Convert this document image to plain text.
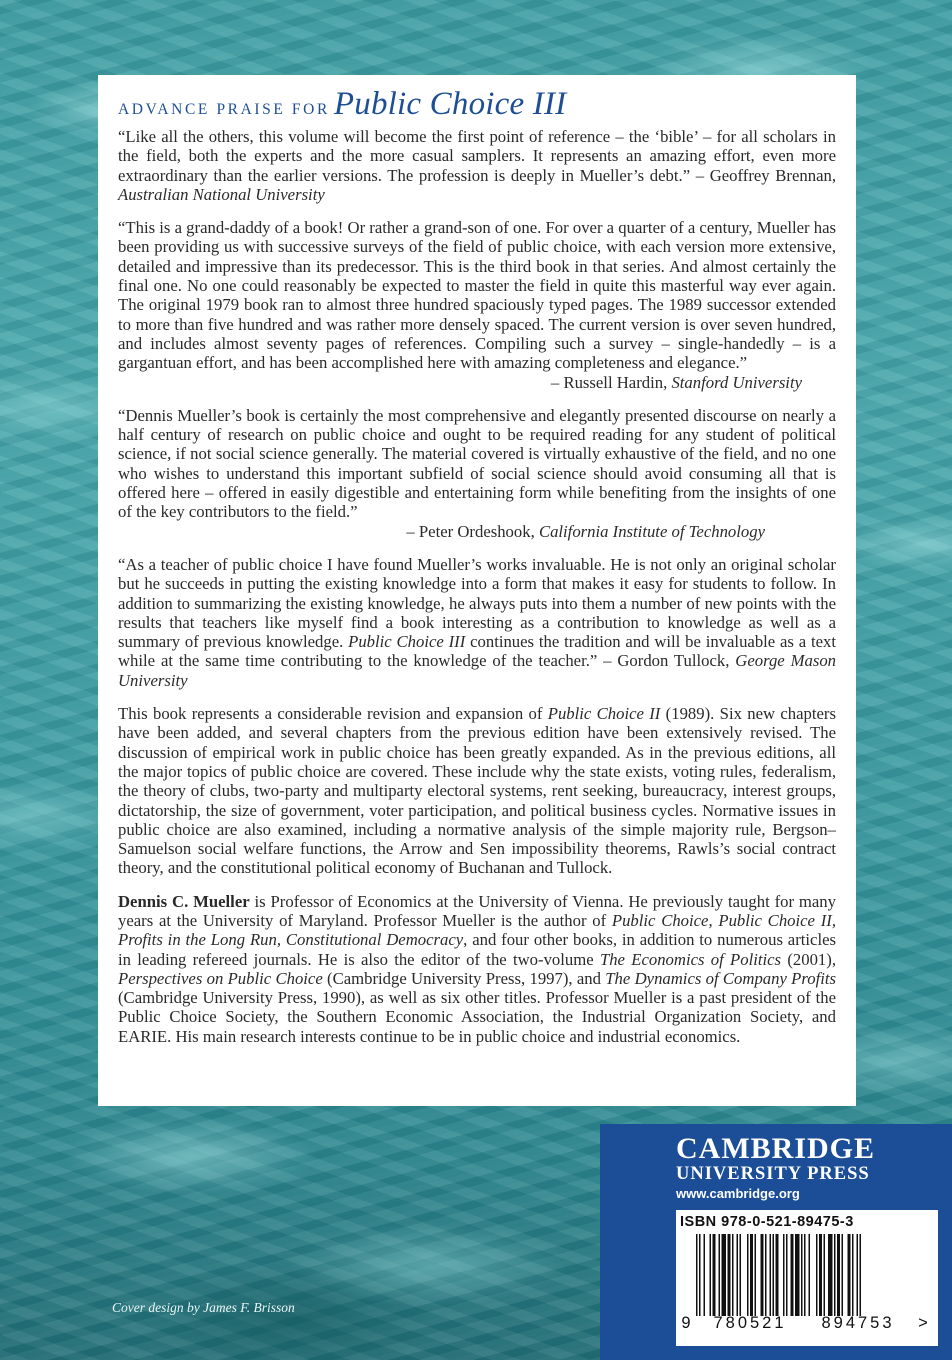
ADVANCE PRAISE FOR Public Choice III

“Like all the others, this volume will become the first point of reference – the ‘bible’ – for all scholars in the field, both the experts and the more casual samplers. It represents an amazing effort, even more extraordinary than the earlier versions. The profession is deeply in Mueller’s debt.” – Geoffrey Brennan, Australian National University

“This is a grand-daddy of a book! Or rather a grand-son of one. For over a quarter of a century, Mueller has been providing us with successive surveys of the field of public choice, with each version more extensive, detailed and impressive than its predecessor. This is the third book in that series. And almost certainly the final one. No one could reasonably be expected to master the field in quite this masterful way ever again. The original 1979 book ran to almost three hundred spaciously typed pages. The 1989 successor extended to more than five hundred and was rather more densely spaced. The current version is over seven hundred, and includes almost seventy pages of references. Compiling such a survey – single-handedly – is a gargantuan effort, and has been accomplished here with amazing completeness and elegance.”
– Russell Hardin, Stanford University

“Dennis Mueller’s book is certainly the most comprehensive and elegantly presented discourse on nearly a half century of research on public choice and ought to be required reading for any student of political science, if not social science generally. The material covered is virtually exhaustive of the field, and no one who wishes to understand this important subfield of social science should avoid consuming all that is offered here – offered in easily digestible and entertaining form while benefiting from the insights of one of the key contributors to the field.”
– Peter Ordeshook, California Institute of Technology

“As a teacher of public choice I have found Mueller’s works invaluable. He is not only an original scholar but he succeeds in putting the existing knowledge into a form that makes it easy for students to follow. In addition to summarizing the existing knowledge, he always puts into them a number of new points with the results that teachers like myself find a book interesting as a contribution to knowledge as well as a summary of previous knowledge. Public Choice III continues the tradition and will be invaluable as a text while at the same time contributing to the knowledge of the teacher.” – Gordon Tullock, George Mason University

This book represents a considerable revision and expansion of Public Choice II (1989). Six new chapters have been added, and several chapters from the previous edition have been extensively revised. The discussion of empirical work in public choice has been greatly expanded. As in the previous editions, all the major topics of public choice are covered. These include why the state exists, voting rules, federalism, the theory of clubs, two-party and multiparty electoral systems, rent seeking, bureaucracy, interest groups, dictatorship, the size of government, voter participation, and political business cycles. Normative issues in public choice are also examined, including a normative analysis of the simple majority rule, Bergson–Samuelson social welfare functions, the Arrow and Sen impossibility theorems, Rawls’s social contract theory, and the constitutional political economy of Buchanan and Tullock.

Dennis C. Mueller is Professor of Economics at the University of Vienna. He previously taught for many years at the University of Maryland. Professor Mueller is the author of Public Choice, Public Choice II, Profits in the Long Run, Constitutional Democracy, and four other books, in addition to numerous articles in leading refereed journals. He is also the editor of the two-volume The Economics of Politics (2001), Perspectives on Public Choice (Cambridge University Press, 1997), and The Dynamics of Company Profits (Cambridge University Press, 1990), as well as six other titles. Professor Mueller is a past president of the Public Choice Society, the Southern Economic Association, the Industrial Organization Society, and EARIE. His main research interests continue to be in public choice and industrial economics.

CAMBRIDGE
UNIVERSITY PRESS
www.cambridge.org
ISBN 978-0-521-89475-3
9	780521	894753	>
Cover design by James F. Brisson
